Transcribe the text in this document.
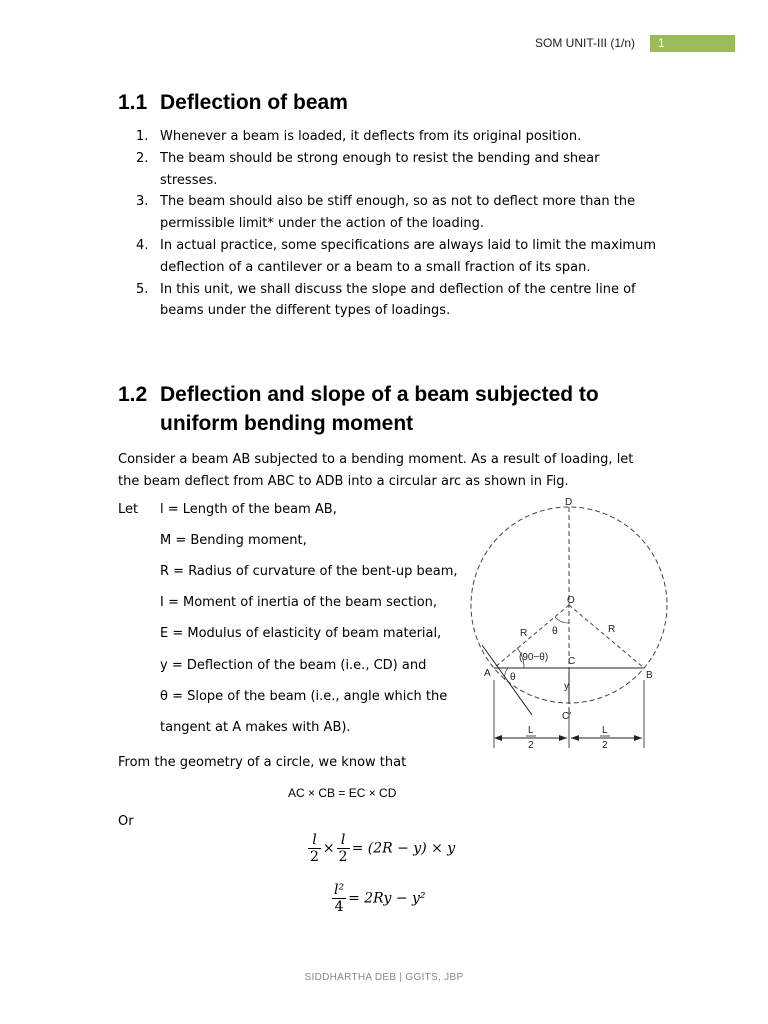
SOM UNIT-III (1/n)	1
1.1 Deflection of beam
1. Whenever a beam is loaded, it deflects from its original position.
2. The beam should be strong enough to resist the bending and shear stresses.
3. The beam should also be stiff enough, so as not to deflect more than the permissible limit* under the action of the loading.
4. In actual practice, some specifications are always laid to limit the maximum deflection of a cantilever or a beam to a small fraction of its span.
5. In this unit, we shall discuss the slope and deflection of the centre line of beams under the different types of loadings.
1.2 Deflection and slope of a beam subjected to
uniform bending moment
Consider a beam AB subjected to a bending moment. As a result of loading, let the beam deflect from ABC to ADB into a circular arc as shown in Fig.
Let l = Length of the beam AB,
M = Bending moment,
R = Radius of curvature of the bent-up beam,
I = Moment of inertia of the beam section,
E = Modulus of elasticity of beam material,
y = Deflection of the beam (i.e., CD) and
θ = Slope of the beam (i.e., angle which the
tangent at A makes with AB).
From the geometry of a circle, we know that
AC × CB = EC × CD
Or
$\frac{l}{2} \times \frac{l}{2} = (2R - y) \times y$
$\frac{\text{l²}}{4} = 2Ry - y^2$
D
O
R	R
θ
(90−θ) C
A θ	B
y
C′
L
2
L
2
SIDDHARTHA DEB | GGITS, JBP
